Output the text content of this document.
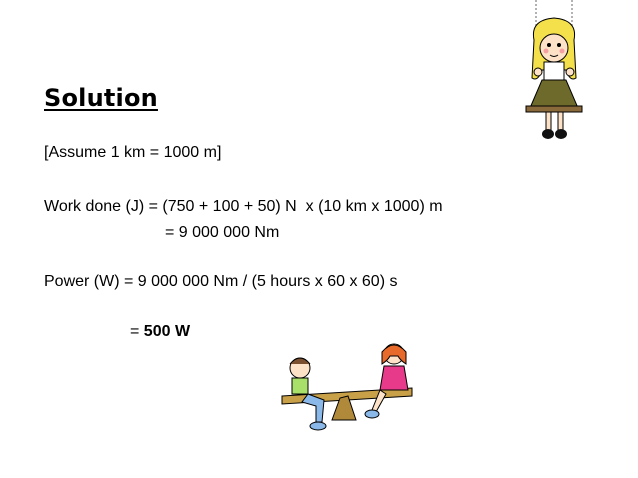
Solution
[Assume 1 km = 1000 m]
Work done (J) = (750 + 100 + 50) N  x (10 km x 1000) m
= 9 000 000 Nm
Power (W) = 9 000 000 Nm / (5 hours x 60 x 60) s
= 500 W
